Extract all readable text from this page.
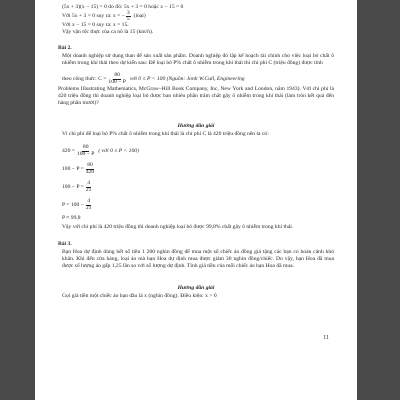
(5x + 3)(x − 15) = 0 do đó: 5x + 3 = 0 hoặc x − 15 = 0
Với 5x + 3 = 0 suy ra: x = − $\frac{3}{5}$ (loại)
Với x − 15 = 0 suy ra: x = 15.
Vậy vận tốc thực của ca nô là 15 (km/h).
Bài 2.
Một doanh nghiệp sử dụng than để sản xuất sản phẩm. Doanh nghiệp đó lập kế hoạch tài chính cho việc loại bỏ chất ô nhiễm trong khí thải theo dự kiến sau: Để loại bỏ P% chất ô nhiễm trong khí thải thì chi phí C (triệu đồng) được tính
theo công thức: $C = \frac{80}{100 - P}$ với 0 ≤ P < 100 (Nguồn: Jonh W.Cull, Engineering
Problems Illustrating Mathematics, McGraw–Hill Book Company, Inc, New York and London, năm 1943). Với chi phí là 420 triệu đồng thì doanh nghiệp loại bỏ được bao nhiêu phần trăm chất gây ô nhiễm trong khí thải (làm tròn kết quả đến hàng phần mười)?
Hướng dẫn giải
Vì chi phí để loại bỏ P% chất ô nhiễm trong khí thải là chi phí C là 420 triệu đồng nên ta có:
$420 = \frac{80}{100 - P}$ ( với 0 ≤ P < 100)
$100 - P = \frac{80}{420}$
$100 - P = \frac{4}{21}$
$P = 100 - \frac{4}{21}$
P ≈ 99,8
Vậy với chi phí là 420 triệu đồng thì doanh nghiệp loại bỏ được 99,8% chất gây ô nhiễm trong khí thải.
Bài 3.
Bạn Hoa dự định dùng hết số tiền 1 200 nghìn đồng để mua một số chiếc áo đồng giá tặng các bạn có hoàn cảnh khó khăn. Khi đến cửa hàng, loại áo mà bạn Hoa dự định mua được giảm 30 nghìn đồng/chiếc. Do vậy, bạn Hoa đã mua được số lượng áo gấp 1,25 lần so với số lượng dự định. Tính giá tiền của mỗi chiếc áo bạn Hoa đã mua.
Hướng dẫn giải
Gọi giá tiền một chiếc áo bạn dầu là x (nghìn đồng). Điều kiện: x > 0
11
